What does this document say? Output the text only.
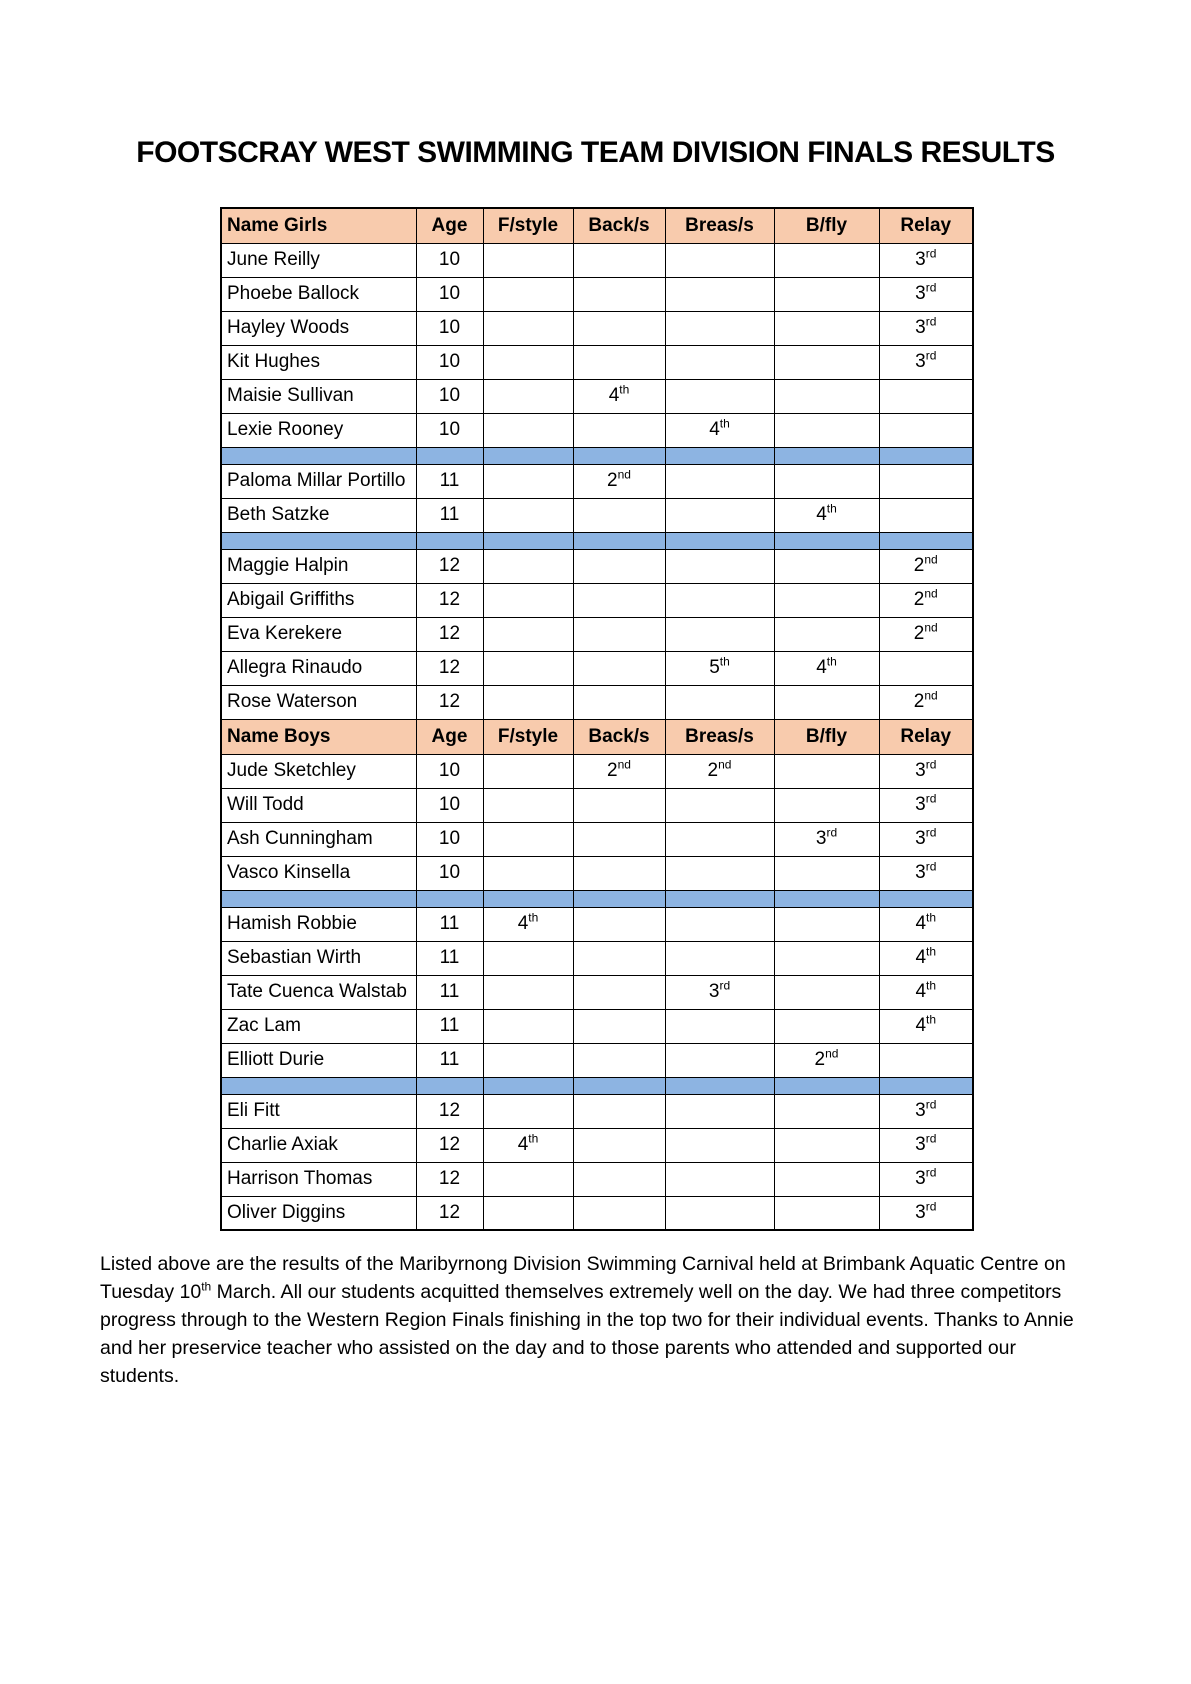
FOOTSCRAY WEST SWIMMING TEAM DIVISION FINALS RESULTS
Name Girls	Age	F/style	Back/s	Breas/s	B/fly	Relay
June Reilly	10					3rd
Phoebe Ballock	10					3rd
Hayley Woods	10					3rd
Kit Hughes	10					3rd
Maisie Sullivan	10		4th			
Lexie Rooney	10			4th		

Paloma Millar Portillo	11		2nd			
Beth Satzke	11				4th	

Maggie Halpin	12					2nd
Abigail Griffiths	12					2nd
Eva Kerekere	12					2nd
Allegra Rinaudo	12			5th	4th	
Rose Waterson	12					2nd
Name Boys	Age	F/style	Back/s	Breas/s	B/fly	Relay
Jude Sketchley	10		2nd	2nd		3rd
Will Todd	10					3rd
Ash Cunningham	10				3rd	3rd
Vasco Kinsella	10					3rd

Hamish Robbie	11	4th				4th
Sebastian Wirth	11					4th
Tate Cuenca Walstab	11			3rd		4th
Zac Lam	11					4th
Elliott Durie	11				2nd	

Eli Fitt	12					3rd
Charlie Axiak	12	4th				3rd
Harrison Thomas	12					3rd
Oliver Diggins	12					3rd

Listed above are the results of the Maribyrnong Division Swimming Carnival held at Brimbank Aquatic Centre on Tuesday 10th March. All our students acquitted themselves extremely well on the day. We had three competitors progress through to the Western Region Finals finishing in the top two for their individual events. Thanks to Annie and her preservice teacher who assisted on the day and to those parents who attended and supported our students.
